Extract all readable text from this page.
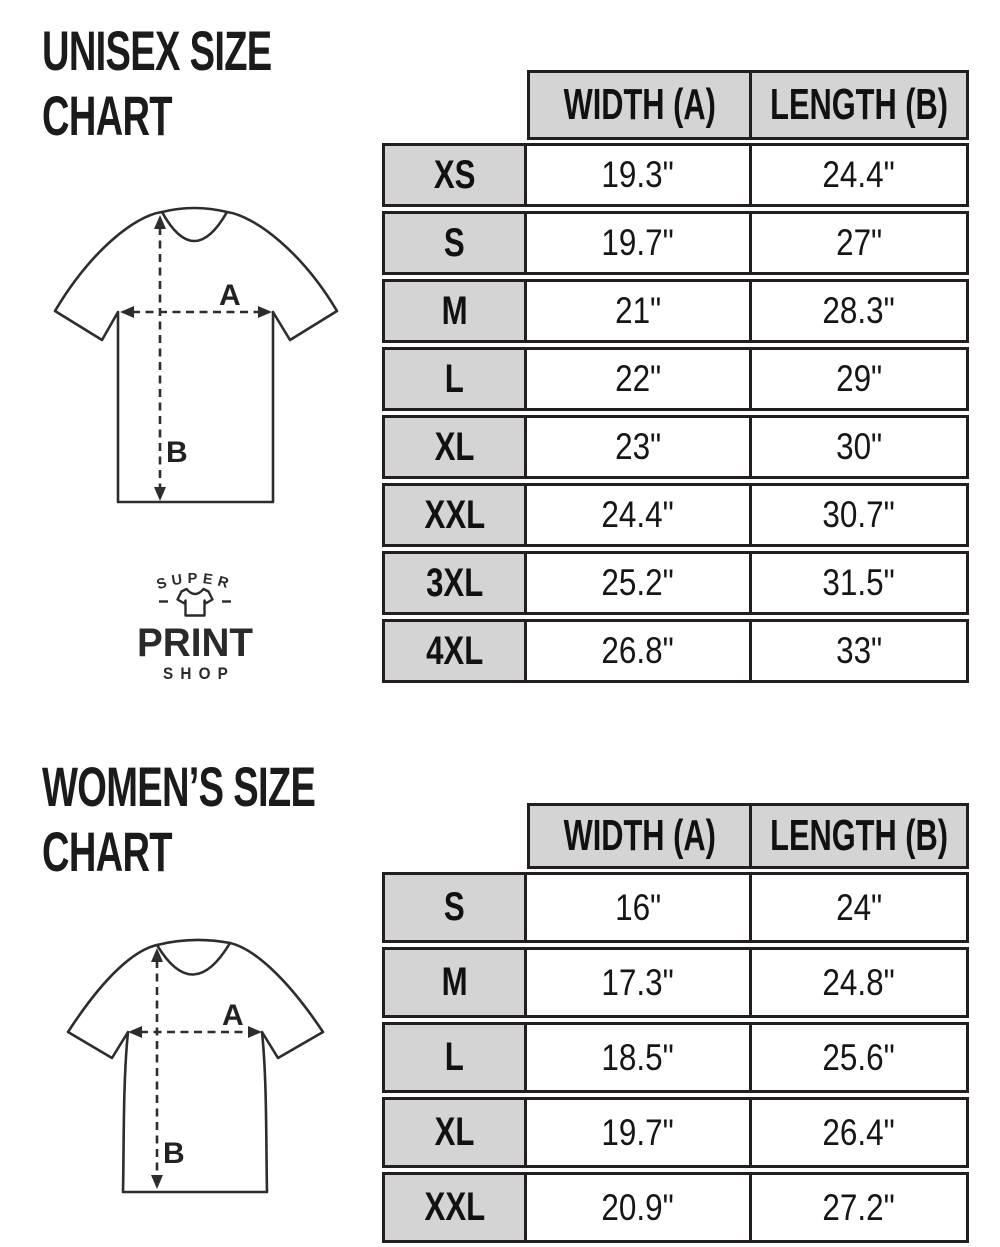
UNISEX SIZE
CHART
A
B
SUPER
PRINT
SHOP
WIDTH (A) LENGTH (B)
XS	19.3"	24.4"
S	19.7"	27"
M	21"	28.3"
L	22"	29"
XL	23"	30"
XXL	24.4"	30.7"
3XL	25.2"	31.5"
4XL	26.8"	33"
WOMEN’S SIZE
CHART
A
B
WIDTH (A) LENGTH (B)
S	16"	24"
M	17.3"	24.8"
L	18.5"	25.6"
XL	19.7"	26.4"
XXL	20.9"	27.2"
